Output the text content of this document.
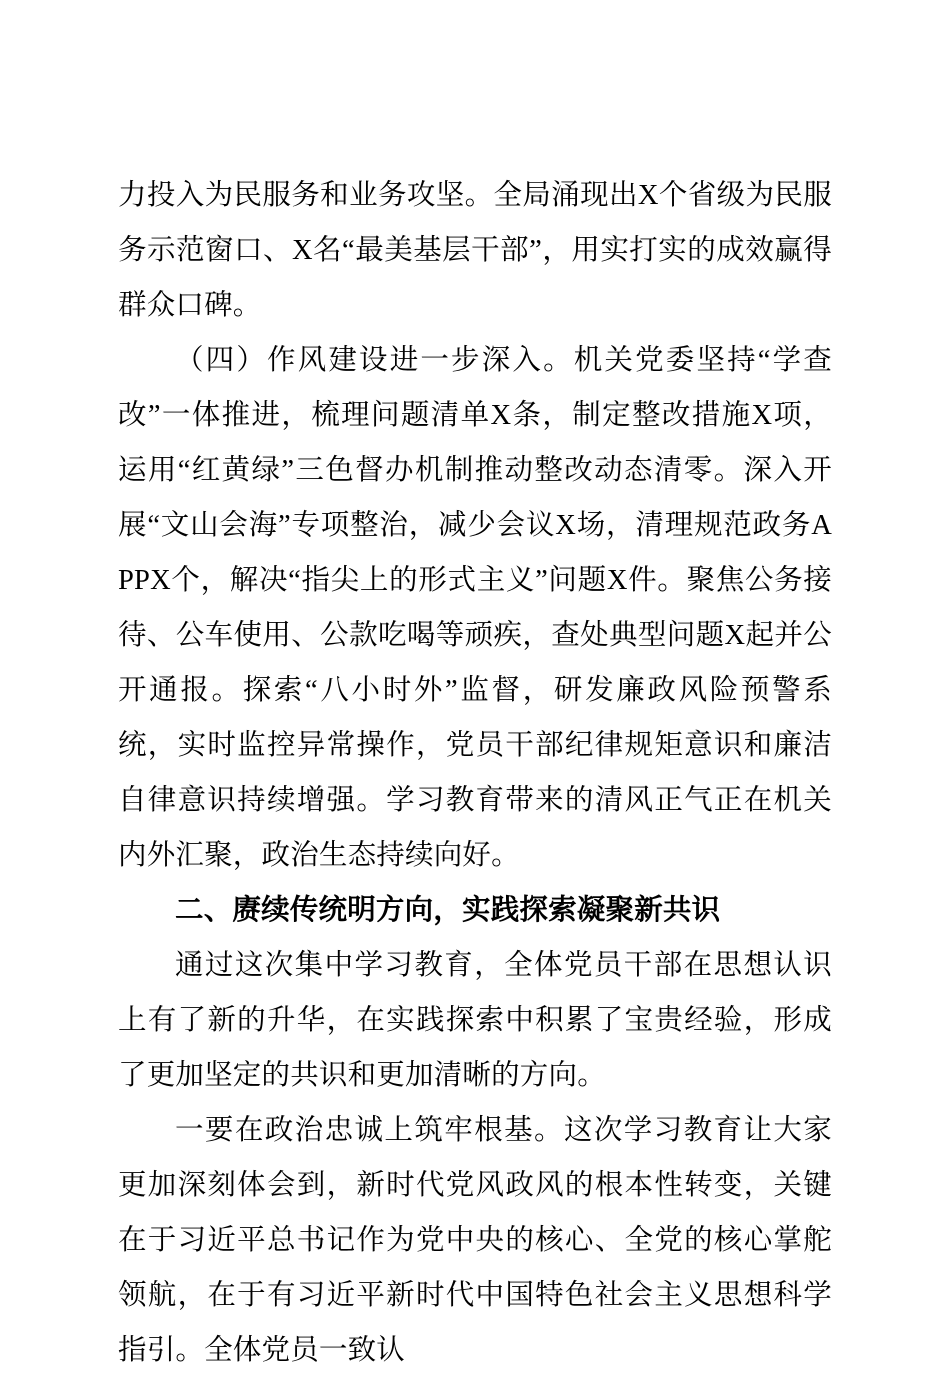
力投入为民服务和业务攻坚。全局涌现出X个省级为民服务示范窗口、X名“最美基层干部”，用实打实的成效赢得群众口碑。

（四）作风建设进一步深入。机关党委坚持“学查改”一体推进，梳理问题清单X条，制定整改措施X项，运用“红黄绿”三色督办机制推动整改动态清零。深入开展“文山会海”专项整治，减少会议X场，清理规范政务APPX个，解决“指尖上的形式主义”问题X件。聚焦公务接待、公车使用、公款吃喝等顽疾，查处典型问题X起并公开通报。探索“八小时外”监督，研发廉政风险预警系统，实时监控异常操作，党员干部纪律规矩意识和廉洁自律意识持续增强。学习教育带来的清风正气正在机关内外汇聚，政治生态持续向好。

二、赓续传统明方向，实践探索凝聚新共识

通过这次集中学习教育，全体党员干部在思想认识上有了新的升华，在实践探索中积累了宝贵经验，形成了更加坚定的共识和更加清晰的方向。

一要在政治忠诚上筑牢根基。这次学习教育让大家更加深刻体会到，新时代党风政风的根本性转变，关键在于习近平总书记作为党中央的核心、全党的核心掌舵领航，在于有习近平新时代中国特色社会主义思想科学指引。全体党员一致认
